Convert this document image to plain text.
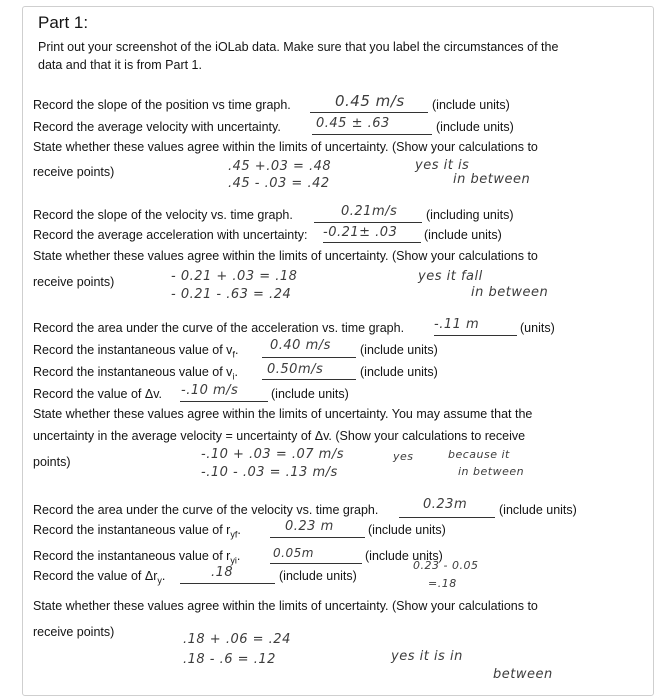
Part 1:
Print out your screenshot of the iOLab data. Make sure that you label the circumstances of the
data and that it is from Part 1.
Record the slope of the position vs time graph.	0.45 m/s (include units)
Record the average velocity with uncertainty.	0.45 ± .63	(include units)
State whether these values agree within the limits of uncertainty. (Show your calculations to
receive points)	.45 +.03 = .48
.45 - .03 = .42
yes it is
in between
Record the slope of the velocity vs. time graph.	0.21m/s (including units)
Record the average acceleration with uncertainty: -0.21± .03 (include units)
State whether these values agree within the limits of uncertainty. (Show your calculations to
receive points)	- 0.21 + .03 = .18
- 0.21 - .63 = .24
yes it fall
in between
Record the area under the curve of the acceleration vs. time graph. -.11 m	(units)
Record the instantaneous value of $v_f$. 0.40 m/s (include units)
Record the instantaneous value of $v_i$. 0.50m/s	(include units)
Record the value of Δv. -.10 m/s	(include units)
State whether these values agree within the limits of uncertainty. You may assume that the
uncertainty in the average velocity = uncertainty of Δv. (Show your calculations to receive
points)	-.10 + .03 = .07 m/s
-.10 - .03 = .13 m/s
yes	because it
in between
Record the area under the curve of the velocity vs. time graph.	0.23m	(include units)
Record the instantaneous value of $r_{yf}$.	0.23 m	(include units)
Record the instantaneous value of $r_{yi}$.	0.05m	(include units)
Record the value of $\Delta r_y$.	.18	(include units)
0.23 - 0.05
=.18
State whether these values agree within the limits of uncertainty. (Show your calculations to
receive points)	.18 + .06 = .24
.18 - .6 = .12	yes it is in
between
